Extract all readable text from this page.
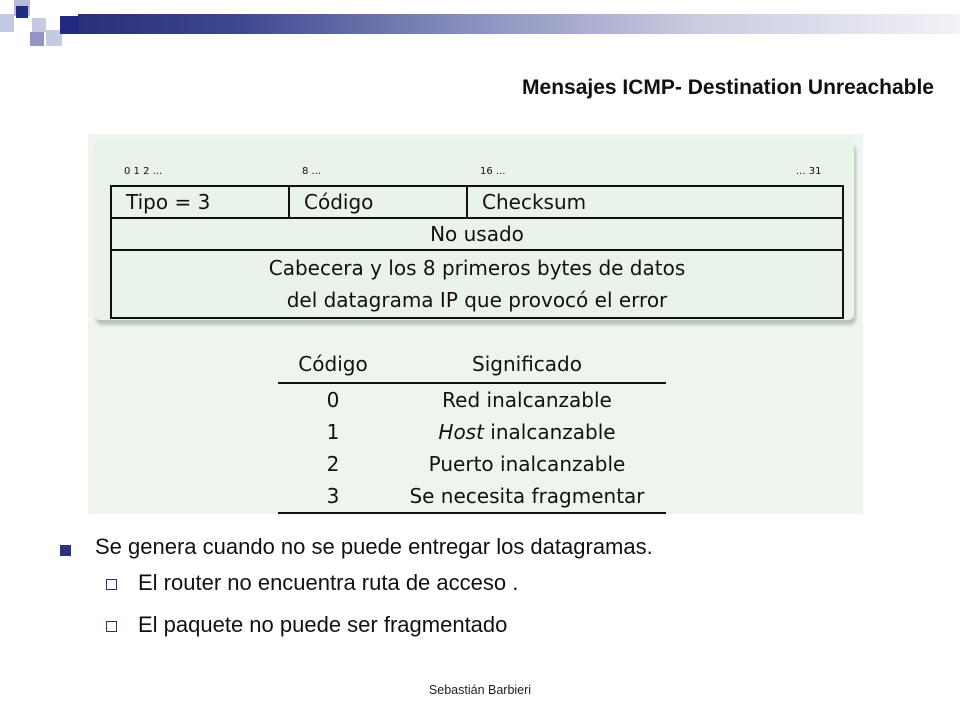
Mensajes ICMP- Destination Unreachable
0 1 2 ...	8 ...	16 ...	... 31
Tipo = 3	Código	Checksum
No usado

Cabecera y los 8 primeros bytes de datos
del datagrama IP que provocó el error
Código	Significado
0	Red inalcanzable
1	Host inalcanzable
2	Puerto inalcanzable
3	Se necesita fragmentar
Se genera cuando no se puede entregar los datagramas.
El router no encuentra ruta de acceso .
El paquete no puede ser fragmentado
Sebastián Barbieri
